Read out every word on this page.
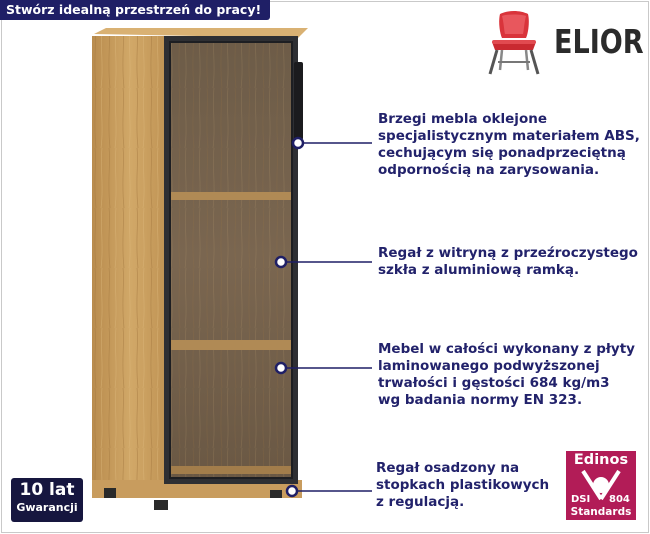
Stwórz idealną przestrzeń do pracy!
ELIOR
Brzegi mebla oklejone
specjalistycznym materiałem ABS,
cechującym się ponadprzeciętną
odpornością na zarysowania.
Regał z witryną z przeźroczystego
szkła z aluminiową ramką.
Mebel w całości wykonany z płyty
laminowanego podwyższonej
trwałości i gęstości 684 kg/m3
wg badania normy EN 323.
Regał osadzony na
stopkach plastikowych
z regulacją.
10 lat
Gwarancji
Edinos
DSI 804
Standards
